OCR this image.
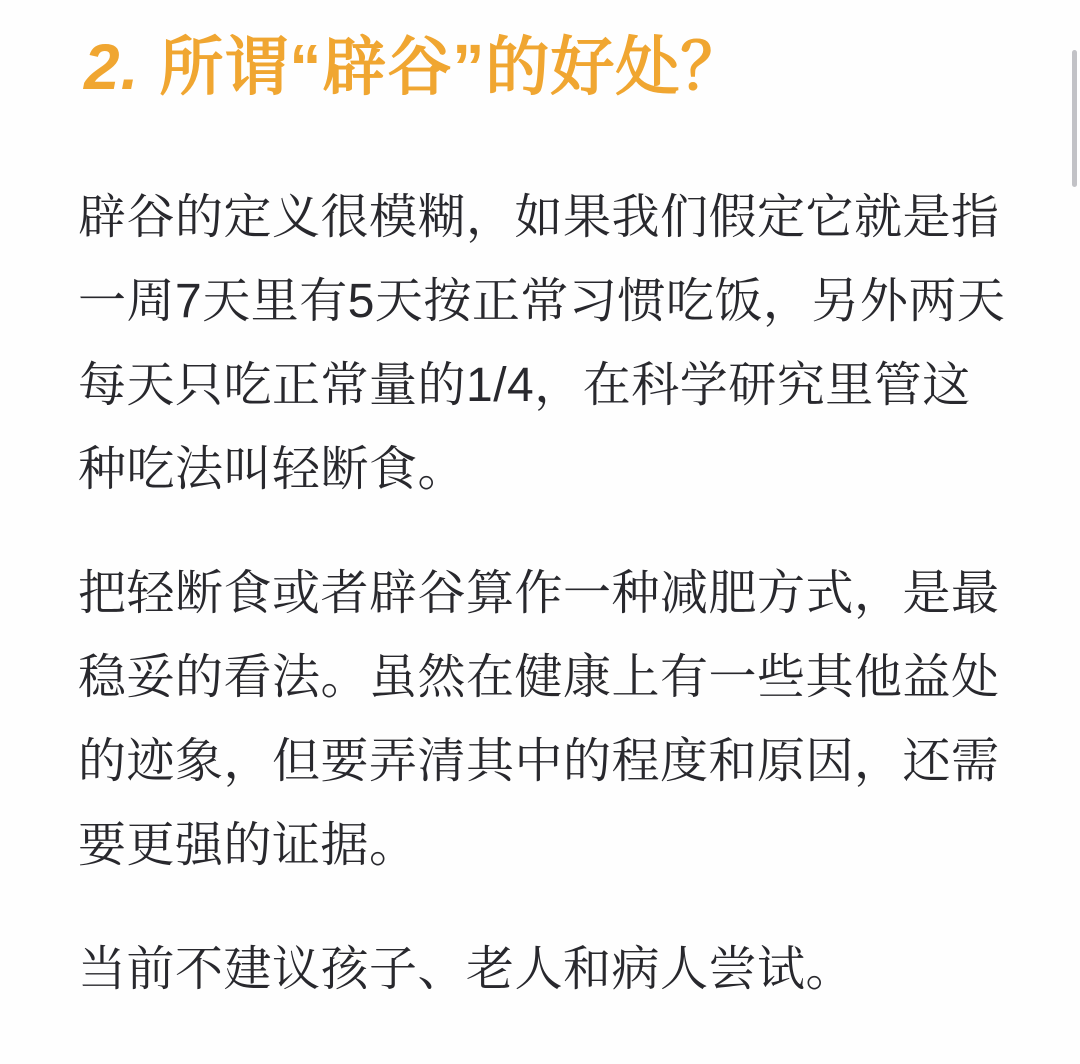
2. 所谓“辟谷”的好处？
辟谷的定义很模糊，如果我们假定它就是指
一周7天里有5天按正常习惯吃饭，另外两天
每天只吃正常量的1/4，在科学研究里管这
种吃法叫轻断食。
把轻断食或者辟谷算作一种减肥方式，是最
稳妥的看法。虽然在健康上有一些其他益处
的迹象，但要弄清其中的程度和原因，还需
要更强的证据。
当前不建议孩子、老人和病人尝试。
